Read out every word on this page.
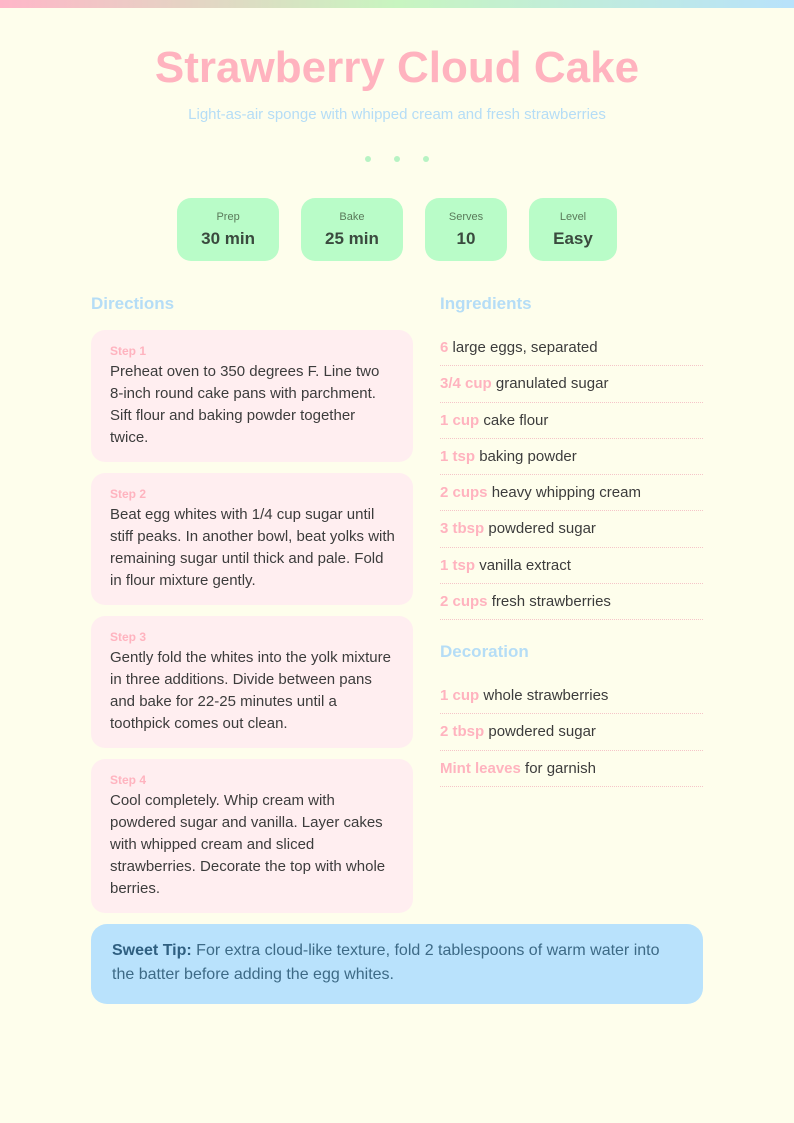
Strawberry Cloud Cake
Light-as-air sponge with whipped cream and fresh strawberries

Prep
30 min
Bake
25 min
Serves
10
Level
Easy
Directions	Ingredients
Step 1
Preheat oven to 350 degrees F. Line two 8-inch round cake pans with parchment. Sift flour and baking powder together twice.
Step 2
Beat egg whites with 1/4 cup sugar until stiff peaks. In another bowl, beat yolks with remaining sugar until thick and pale. Fold in flour mixture gently.
Step 3
Gently fold the whites into the yolk mixture in three additions. Divide between pans and bake for 22-25 minutes until a toothpick comes out clean.
Step 4
Cool completely. Whip cream with powdered sugar and vanilla. Layer cakes with whipped cream and sliced strawberries. Decorate the top with whole berries.
6 large eggs, separated
3/4 cup granulated sugar
1 cup cake flour
1 tsp baking powder
2 cups heavy whipping cream
3 tbsp powdered sugar
1 tsp vanilla extract
2 cups fresh strawberries
Decoration
1 cup whole strawberries
2 tbsp powdered sugar
Mint leaves for garnish
Sweet Tip: For extra cloud-like texture, fold 2 tablespoons of warm water into the batter before adding the egg whites.
